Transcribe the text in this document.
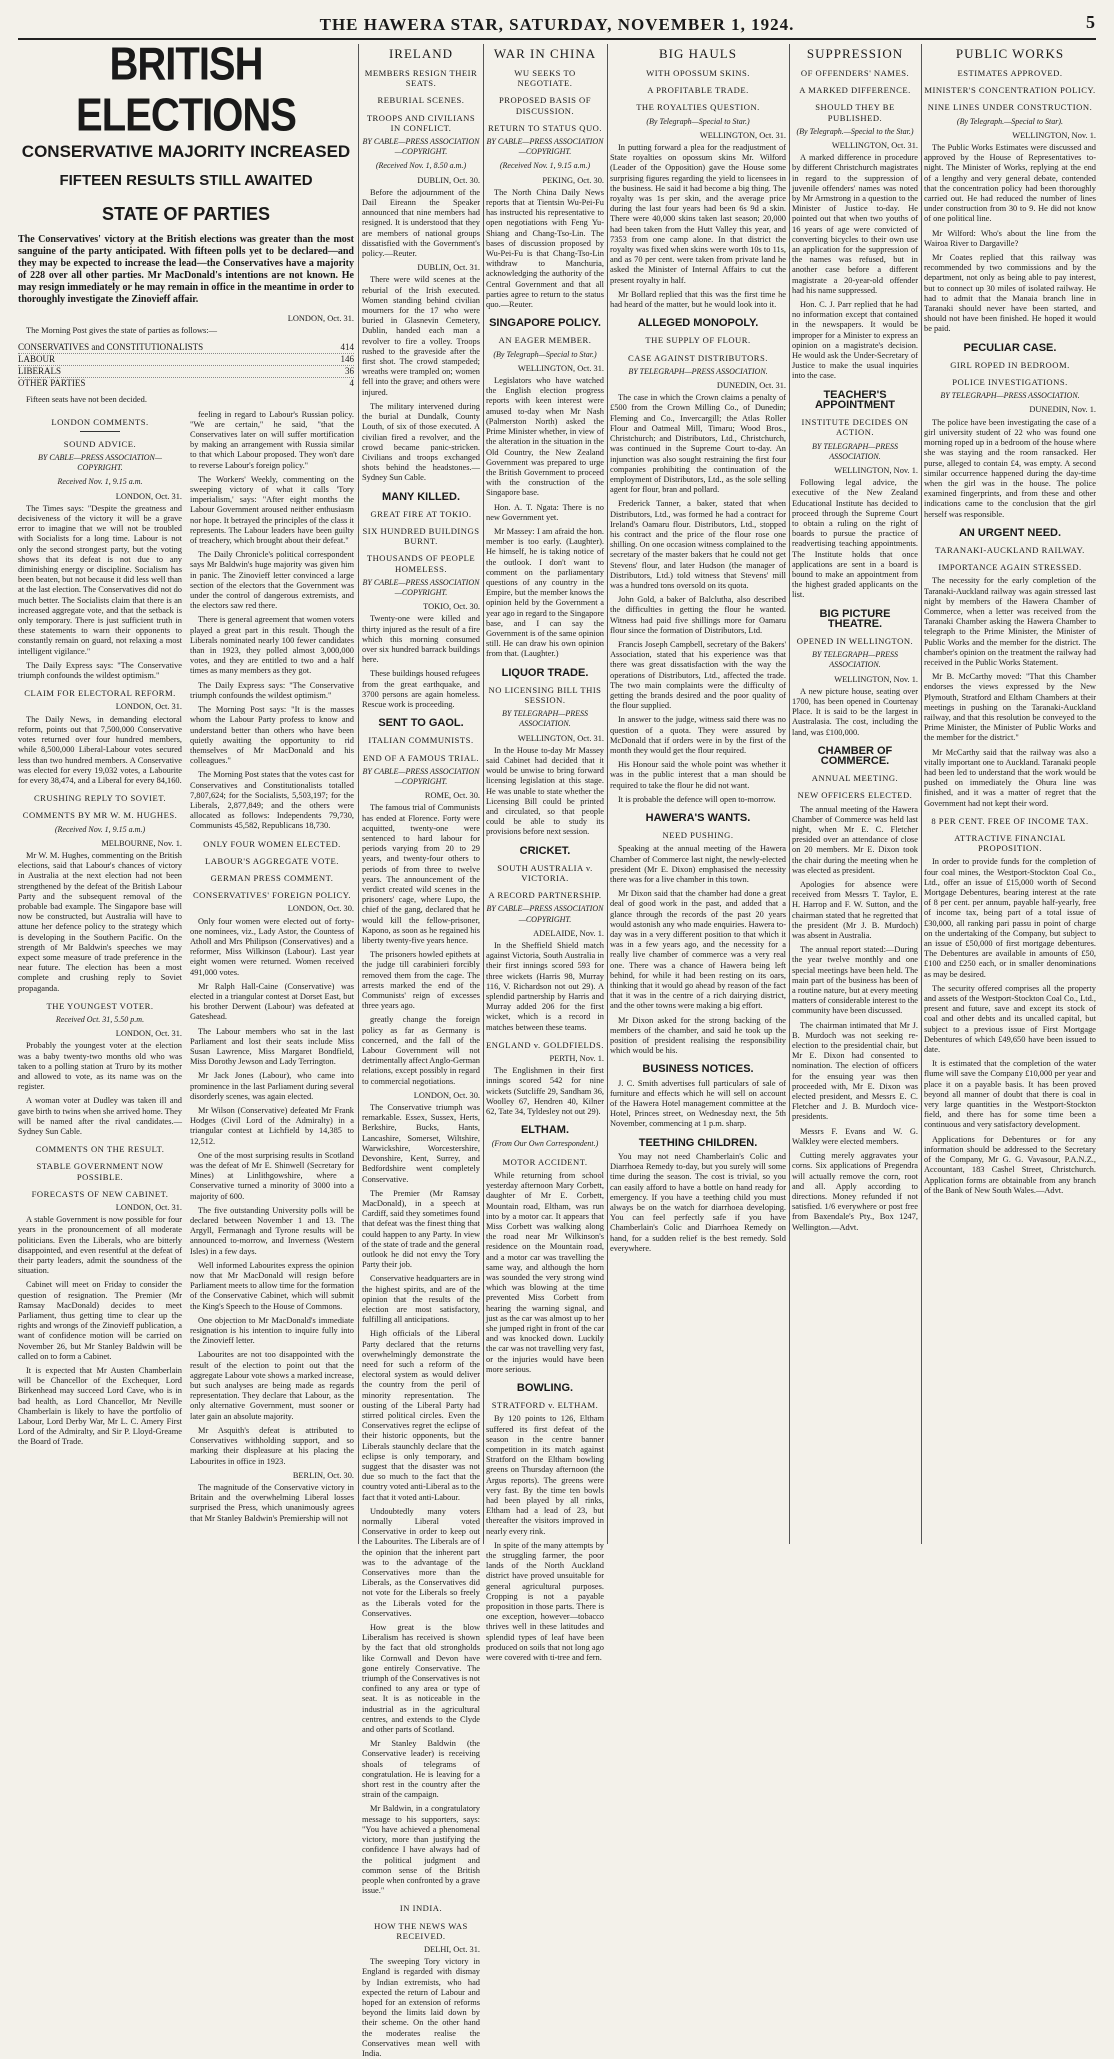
THE HAWERA STAR, SATURDAY, NOVEMBER 1, 1924.	5
BRITISH ELECTIONS
CONSERVATIVE MAJORITY INCREASED
FIFTEEN RESULTS STILL AWAITED
STATE OF PARTIES
The Conservatives' victory at the British elections was greater than the most sanguine of the party anticipated. With fifteen polls yet to be declared—and they may be expected to increase the lead—the Conservatives have a majority of 228 over all other parties. Mr MacDonald's intentions are not known. He may resign immediately or he may remain in office in the meantime in order to thoroughly investigate the Zinovieff affair.
LONDON, Oct. 31.

The Morning Post gives the state of parties as follows:—

CONSERVATIVES and CONSTITUTIONALISTS	414
LABOUR	146
LIBERALS	36
OTHER PARTIES	4

Fifteen seats have not been decided.

LONDON COMMENTS.
SOUND ADVICE.
BY CABLE—PRESS ASSOCIATION—COPYRIGHT.
Received Nov. 1, 9.15 a.m.
LONDON, Oct. 31.

The Times says: "Despite the greatness and decisiveness of the victory it will be a grave error to imagine that we will not be troubled with Socialists for a long time. Labour is not only the second strongest party, but the voting shows that its defeat is not due to any diminishing energy or discipline. Socialism has been beaten, but not because it did less well than at the last election. The Conservatives did not do much better. The Socialists claim that there is an increased aggregate vote, and that the setback is only temporary. There is just sufficient truth in these statements to warn their opponents to constantly remain on guard, not relaxing a most intelligent vigilance."

The Daily Express says: "The Conservative triumph confounds the wildest optimism."

CLAIM FOR ELECTORAL REFORM.
LONDON, Oct. 31.

The Daily News, in demanding electoral reform, points out that 7,500,000 Conservative votes returned over four hundred members, while 8,500,000 Liberal-Labour votes secured less than two hundred members. A Conservative was elected for every 19,032 votes, a Labourite for every 38,474, and a Liberal for every 84,160.

CRUSHING REPLY TO SOVIET.
COMMENTS BY MR W. M. HUGHES.
(Received Nov. 1, 9.15 a.m.)
MELBOURNE, Nov. 1.

Mr W. M. Hughes, commenting on the British elections, said that Labour's chances of victory in Australia at the next election had not been strengthened by the defeat of the British Labour Party and the subsequent removal of the probable bad example. The Singapore base will now be constructed, but Australia will have to attune her defence policy to the strategy which is developing in the Southern Pacific. On the strength of Mr Baldwin's speeches we may expect some measure of trade preference in the near future. The election has been a most complete and crushing reply to Soviet propaganda.

THE YOUNGEST VOTER.
Received Oct. 31, 5.50 p.m.
LONDON, Oct. 31.

Probably the youngest voter at the election was a baby twenty-two months old who was taken to a polling station at Truro by its mother and allowed to vote, as its name was on the register.

A woman voter at Dudley was taken ill and gave birth to twins when she arrived home. They will be named after the rival candidates.—Sydney Sun Cable.

COMMENTS ON THE RESULT.
STABLE GOVERNMENT NOW POSSIBLE.
FORECASTS OF NEW CABINET.
LONDON, Oct. 31.

A stable Government is now possible for four years in the pronouncement of all moderate politicians. Even the Liberals, who are bitterly disappointed, and even resentful at the defeat of their party leaders, admit the soundness of the situation.

Cabinet will meet on Friday to consider the question of resignation. The Premier (Mr Ramsay MacDonald) decides to meet Parliament, thus getting time to clear up the rights and wrongs of the Zinovieff publication, a want of confidence motion will be carried on November 26, but Mr Stanley Baldwin will be called on to form a Cabinet.

It is expected that Mr Austen Chamberlain will be Chancellor of the Exchequer, Lord Birkenhead may succeed Lord Cave, who is in bad health, as Lord Chancellor, Mr Neville Chamberlain is likely to have the portfolio of Labour, Lord Derby War, Mr L. C. Amery First Lord of the Admiralty, and Sir P. Lloyd-Greame the Board of Trade.

feeling in regard to Labour's Russian policy. "We are certain," he said, "that the Conservatives later on will suffer mortification by making an arrangement with Russia similar to that which Labour proposed. They won't dare to reverse Labour's foreign policy."

The Workers' Weekly, commenting on the sweeping victory of what it calls 'Tory imperialism,' says: "After eight months the Labour Government aroused neither enthusiasm nor hope. It betrayed the principles of the class it represents. The Labour leaders have been guilty of treachery, which brought about their defeat."

The Daily Chronicle's political correspondent says Mr Baldwin's huge majority was given him in panic. The Zinovieff letter convinced a large section of the electors that the Government was under the control of dangerous extremists, and the electors saw red there.

There is general agreement that women voters played a great part in this result. Though the Liberals nominated nearly 100 fewer candidates than in 1923, they polled almost 3,000,000 votes, and they are entitled to two and a half times as many members as they got.

The Daily Express says: "The Conservative triumph confounds the wildest optimism."

The Morning Post says: "It is the masses whom the Labour Party profess to know and understand better than others who have been quietly awaiting the opportunity to rid themselves of Mr MacDonald and his colleagues."

The Morning Post states that the votes cast for Conservatives and Constitutionalists totalled 7,807,624; for the Socialists, 5,503,197; for the Liberals, 2,877,849; and the others were allocated as follows: Independents 79,730, Communists 45,582, Republicans 18,730.

ONLY FOUR WOMEN ELECTED.
LABOUR'S AGGREGATE VOTE.
GERMAN PRESS COMMENT.
CONSERVATIVES' FOREIGN POLICY.
LONDON, Oct. 30.

Only four women were elected out of forty-one nominees, viz., Lady Astor, the Countess of Atholl and Mrs Philipson (Conservatives) and a reformer, Miss Wilkinson (Labour). Last year eight women were returned. Women received 491,000 votes.

Mr Ralph Hall-Caine (Conservative) was elected in a triangular contest at Dorset East, but his brother Derwent (Labour) was defeated at Gateshead.

The Labour members who sat in the last Parliament and lost their seats include Miss Susan Lawrence, Miss Margaret Bondfield, Miss Dorothy Jewson and Lady Terrington.

Mr Jack Jones (Labour), who came into prominence in the last Parliament during several disorderly scenes, was again elected.

Mr Wilson (Conservative) defeated Mr Frank Hodges (Civil Lord of the Admiralty) in a triangular contest at Lichfield by 14,385 to 12,512.

One of the most surprising results in Scotland was the defeat of Mr E. Shinwell (Secretary for Mines) at Linlithgowshire, where a Conservative turned a minority of 3000 into a majority of 600.

The five outstanding University polls will be declared between November 1 and 13. The Argyll, Fermanagh and Tyrone results will be announced to-morrow, and Inverness (Western Isles) in a few days.

Well informed Labourites express the opinion now that Mr MacDonald will resign before Parliament meets to allow time for the formation of the Conservative Cabinet, which will submit the King's Speech to the House of Commons.

One objection to Mr MacDonald's immediate resignation is his intention to inquire fully into the Zinovieff letter.

Labourites are not too disappointed with the result of the election to point out that the aggregate Labour vote shows a marked increase, but such analyses are being made as regards representation. They declare that Labour, as the only alternative Government, must sooner or later gain an absolute majority.

Mr Asquith's defeat is attributed to Conservatives withholding support, and so marking their displeasure at his placing the Labourites in office in 1923.

BERLIN, Oct. 30.

The magnitude of the Conservative victory in Britain and the overwhelming Liberal losses surprised the Press, which unanimously agrees that Mr Stanley Baldwin's Premiership will not

IRELAND
MEMBERS RESIGN THEIR SEATS.
REBURIAL SCENES.
TROOPS AND CIVILIANS IN CONFLICT.
BY CABLE—PRESS ASSOCIATION—COPYRIGHT.
(Received Nov. 1, 8.50 a.m.)
DUBLIN, Oct. 30.

Before the adjournment of the Dail Eireann the Speaker announced that nine members had resigned. It is understood that they are members of national groups dissatisfied with the Government's policy.—Reuter.

DUBLIN, Oct. 31.

There were wild scenes at the reburial of the Irish executed. Women standing behind civilian mourners for the 17 who were buried in Glasnevin Cemetery, Dublin, handed each man a revolver to fire a volley. Troops rushed to the graveside after the first shot. The crowd stampeded; wreaths were trampled on; women fell into the grave; and others were injured.

The military intervened during the burial at Dundalk, County Louth, of six of those executed. A civilian fired a revolver, and the crowd became panic-stricken. Civilians and troops exchanged shots behind the headstones.—Sydney Sun Cable.

MANY KILLED.
GREAT FIRE AT TOKIO.
SIX HUNDRED BUILDINGS BURNT.
THOUSANDS OF PEOPLE HOMELESS.
BY CABLE—PRESS ASSOCIATION—COPYRIGHT.
TOKIO, Oct. 30.

Twenty-one were killed and thirty injured as the result of a fire which this morning consumed over six hundred barrack buildings here.

These buildings housed refugees from the great earthquake, and 3700 persons are again homeless. Rescue work is proceeding.

SENT TO GAOL.
ITALIAN COMMUNISTS.
END OF A FAMOUS TRIAL.
BY CABLE—PRESS ASSOCIATION—COPYRIGHT.
ROME, Oct. 30.

The famous trial of Communists has ended at Florence. Forty were acquitted, twenty-one were sentenced to hard labour for periods varying from 20 to 29 years, and twenty-four others to periods of from three to twelve years. The announcement of the verdict created wild scenes in the prisoners' cage, where Lupo, the chief of the gang, declared that he would kill the fellow-prisoner, Kapono, as soon as he regained his liberty twenty-five years hence.

The prisoners howled epithets at the judge till carabinieri forcibly removed them from the cage. The arrests marked the end of the Communists' reign of excesses three years ago.

greatly change the foreign policy as far as Germany is concerned, and the fall of the Labour Government will not detrimentally affect Anglo-German relations, except possibly in regard to commercial negotiations.

LONDON, Oct. 30.

The Conservative triumph was remarkable. Essex, Sussex, Herts, Berkshire, Bucks, Hants, Lancashire, Somerset, Wiltshire, Warwickshire, Worcestershire, Devonshire, Kent, Surrey, and Bedfordshire went completely Conservative.

The Premier (Mr Ramsay MacDonald), in a speech at Cardiff, said they sometimes found that defeat was the finest thing that could happen to any Party. In view of the state of trade and the general outlook he did not envy the Tory Party their job.

Conservative headquarters are in the highest spirits, and are of the opinion that the results of the election are most satisfactory, fulfilling all anticipations.

High officials of the Liberal Party declared that the returns overwhelmingly demonstrate the need for such a reform of the electoral system as would deliver the country from the peril of minority representation. The ousting of the Liberal Party had stirred political circles. Even the Conservatives regret the eclipse of their historic opponents, but the Liberals staunchly declare that the eclipse is only temporary, and suggest that the disaster was not due so much to the fact that the country voted anti-Liberal as to the fact that it voted anti-Labour.

Undoubtedly many voters normally Liberal voted Conservative in order to keep out the Labourites. The Liberals are of the opinion that the inherent part was to the advantage of the Conservatives more than the Liberals, as the Conservatives did not vote for the Liberals so freely as the Liberals voted for the Conservatives.

How great is the blow Liberalism has received is shown by the fact that old strongholds like Cornwall and Devon have gone entirely Conservative. The triumph of the Conservatives is not confined to any area or type of seat. It is as noticeable in the industrial as in the agricultural centres, and extends to the Clyde and other parts of Scotland.

Mr Stanley Baldwin (the Conservative leader) is receiving shoals of telegrams of congratulation. He is leaving for a short rest in the country after the strain of the campaign.

Mr Baldwin, in a congratulatory message to his supporters, says: "You have achieved a phenomenal victory, more than justifying the confidence I have always had of the political judgment and common sense of the British people when confronted by a grave issue."

IN INDIA.
HOW THE NEWS WAS RECEIVED.
DELHI, Oct. 31.

The sweeping Tory victory in England is regarded with dismay by Indian extremists, who had expected the return of Labour and hoped for an extension of reforms beyond the limits laid down by their scheme. On the other hand the moderates realise the Conservatives mean well with India.

WAR IN CHINA
WU SEEKS TO NEGOTIATE.
PROPOSED BASIS OF DISCUSSION.
RETURN TO STATUS QUO.
BY CABLE—PRESS ASSOCIATION—COPYRIGHT.
(Received Nov. 1, 9.15 a.m.)
PEKING, Oct. 30.

The North China Daily News reports that at Tientsin Wu-Pei-Fu has instructed his representative to open negotiations with Feng Yu-Shiang and Chang-Tso-Lin. The bases of discussion proposed by Wu-Pei-Fu is that Chang-Tso-Lin withdraw to Manchuria, acknowledging the authority of the Central Government and that all parties agree to return to the status quo.—Reuter.

SINGAPORE POLICY.
AN EAGER MEMBER.
(By Telegraph—Special to Star.)
WELLINGTON, Oct. 31.

Legislators who have watched the English election progress reports with keen interest were amused to-day when Mr Nash (Palmerston North) asked the Prime Minister whether, in view of the alteration in the situation in the Old Country, the New Zealand Government was prepared to urge the British Government to proceed with the construction of the Singapore base.

Hon. A. T. Ngata: There is no new Government yet.

Mr Massey: I am afraid the hon. member is too early. (Laughter). He himself, he is taking notice of the outlook. I don't want to comment on the parliamentary questions of any country in the Empire, but the member knows the opinion held by the Government a year ago in regard to the Singapore base, and I can say the Government is of the same opinion still. He can draw his own opinion from that. (Laughter.)

LIQUOR TRADE.
NO LICENSING BILL THIS SESSION.
BY TELEGRAPH—PRESS ASSOCIATION.
WELLINGTON, Oct. 31.

In the House to-day Mr Massey said Cabinet had decided that it would be unwise to bring forward licensing legislation at this stage. He was unable to state whether the Licensing Bill could be printed and circulated, so that people could be able to study its provisions before next session.

CRICKET.
SOUTH AUSTRALIA v. VICTORIA.
A RECORD PARTNERSHIP.
BY CABLE—PRESS ASSOCIATION—COPYRIGHT.
ADELAIDE, Nov. 1.

In the Sheffield Shield match against Victoria, South Australia in their first innings scored 593 for three wickets (Harris 98, Murray 116, V. Richardson not out 29). A splendid partnership by Harris and Murray added 206 for the first wicket, which is a record in matches between these teams.

ENGLAND v. GOLDFIELDS.
PERTH, Nov. 1.

The Englishmen in their first innings scored 542 for nine wickets (Sutcliffe 29, Sandham 36, Woolley 67, Hendren 40, Kilner 62, Tate 34, Tyldesley not out 29).

ELTHAM.
(From Our Own Correspondent.)
MOTOR ACCIDENT.

While returning from school yesterday afternoon Mary Corbett, daughter of Mr E. Corbett, Mountain road, Eltham, was run into by a motor car. It appears that Miss Corbett was walking along the road near Mr Wilkinson's residence on the Mountain road, and a motor car was travelling the same way, and although the horn was sounded the very strong wind which was blowing at the time prevented Miss Corbett from hearing the warning signal, and just as the car was almost up to her she jumped right in front of the car and was knocked down. Luckily the car was not travelling very fast, or the injuries would have been more serious.

BOWLING.
STRATFORD v. ELTHAM.

By 120 points to 126, Eltham suffered its first defeat of the season in the centre banner competition in its match against Stratford on the Eltham bowling greens on Thursday afternoon (the Argus reports). The greens were very fast. By the time ten bowls had been played by all rinks, Eltham had a lead of 23, but thereafter the visitors improved in nearly every rink.

In spite of the many attempts by the struggling farmer, the poor lands of the North Auckland district have proved unsuitable for general agricultural purposes. Cropping is not a payable proposition in those parts. There is one exception, however—tobacco thrives well in these latitudes and splendid types of leaf have been produced on soils that not long ago were covered with ti-tree and fern.

BIG HAULS
WITH OPOSSUM SKINS.
A PROFITABLE TRADE.
THE ROYALTIES QUESTION.
(By Telegraph—Special to Star.)
WELLINGTON, Oct. 31.

In putting forward a plea for the readjustment of State royalties on opossum skins Mr. Wilford (Leader of the Opposition) gave the House some surprising figures regarding the yield to licensees in the business. He said it had become a big thing. The royalty was 1s per skin, and the average price during the last four years had been 6s 9d a skin. There were 40,000 skins taken last season; 20,000 had been taken from the Hutt Valley this year, and 7353 from one camp alone. In that district the royalty was fixed when skins were worth 10s to 11s, and as 70 per cent. were taken from private land he asked the Minister of Internal Affairs to cut the present royalty in half.

Mr Bollard replied that this was the first time he had heard of the matter, but he would look into it.

ALLEGED MONOPOLY.
THE SUPPLY OF FLOUR.
CASE AGAINST DISTRIBUTORS.
BY TELEGRAPH—PRESS ASSOCIATION.
DUNEDIN, Oct. 31.

The case in which the Crown claims a penalty of £500 from the Crown Milling Co., of Dunedin; Fleming and Co., Invercargill; the Atlas Roller Flour and Oatmeal Mill, Timaru; Wood Bros., Christchurch; and Distributors, Ltd., Christchurch, was continued in the Supreme Court to-day. An injunction was also sought restraining the first four companies prohibiting the continuation of the employment of Distributors, Ltd., as the sole selling agent for flour, bran and pollard.

Frederick Tanner, a baker, stated that when Distributors, Ltd., was formed he had a contract for Ireland's Oamaru flour. Distributors, Ltd., stopped his contract and the price of the flour rose one shilling. On one occasion witness complained to the secretary of the master bakers that he could not get Stevens' flour, and later Hudson (the manager of Distributors, Ltd.) told witness that Stevens' mill was a hundred tons oversold on its quota.

John Gold, a baker of Balclutha, also described the difficulties in getting the flour he wanted. Witness had paid five shillings more for Oamaru flour since the formation of Distributors, Ltd.

Francis Joseph Campbell, secretary of the Bakers' Association, stated that his experience was that there was great dissatisfaction with the way the operations of Distributors, Ltd., affected the trade. The two main complaints were the difficulty of getting the brands desired and the poor quality of the flour supplied.

In answer to the judge, witness said there was no question of a quota. They were assured by McDonald that if orders were in by the first of the month they would get the flour required.

His Honour said the whole point was whether it was in the public interest that a man should be required to take the flour he did not want.

It is probable the defence will open to-morrow.

HAWERA'S WANTS.
NEED PUSHING.

Speaking at the annual meeting of the Hawera Chamber of Commerce last night, the newly-elected president (Mr E. Dixon) emphasised the necessity there was for a live chamber in this town.

Mr Dixon said that the chamber had done a great deal of good work in the past, and added that a glance through the records of the past 20 years would astonish any who made enquiries. Hawera to-day was in a very different position to that which it was in a few years ago, and the necessity for a really live chamber of commerce was a very real one. There was a chance of Hawera being left behind, for while it had been resting on its oars, thinking that it would go ahead by reason of the fact that it was in the centre of a rich dairying district, and the other towns were making a big effort.

Mr Dixon asked for the strong backing of the members of the chamber, and said he took up the position of president realising the responsibility which would be his.

BUSINESS NOTICES.

J. C. Smith advertises full particulars of sale of furniture and effects which he will sell on account of the Hawera Hotel management committee at the Hotel, Princes street, on Wednesday next, the 5th November, commencing at 1 p.m. sharp.

TEETHING CHILDREN.

You may not need Chamberlain's Colic and Diarrhoea Remedy to-day, but you surely will some time during the season. The cost is trivial, so you can easily afford to have a bottle on hand ready for emergency. If you have a teething child you must always be on the watch for diarrhoea developing. You can feel perfectly safe if you have Chamberlain's Colic and Diarrhoea Remedy on hand, for a sudden relief is the best remedy. Sold everywhere.

SUPPRESSION
OF OFFENDERS' NAMES.
A MARKED DIFFERENCE.
SHOULD THEY BE PUBLISHED.
(By Telegraph.—Special to the Star.)
WELLINGTON, Oct. 31.

A marked difference in procedure by different Christchurch magistrates in regard to the suppression of juvenile offenders' names was noted by Mr Armstrong in a question to the Minister of Justice to-day. He pointed out that when two youths of 16 years of age were convicted of converting bicycles to their own use an application for the suppression of the names was refused, but in another case before a different magistrate a 20-year-old offender had his name suppressed.

Hon. C. J. Parr replied that he had no information except that contained in the newspapers. It would be improper for a Minister to express an opinion on a magistrate's decision. He would ask the Under-Secretary of Justice to make the usual inquiries into the case.

TEACHER'S APPOINTMENT
INSTITUTE DECIDES ON ACTION.
BY TELEGRAPH—PRESS ASSOCIATION.
WELLINGTON, Nov. 1.

Following legal advice, the executive of the New Zealand Educational Institute has decided to proceed through the Supreme Court to obtain a ruling on the right of boards to pursue the practice of readvertising teaching appointments. The Institute holds that once applications are sent in a board is bound to make an appointment from the highest graded applicants on the list.

BIG PICTURE THEATRE.
OPENED IN WELLINGTON.
BY TELEGRAPH—PRESS ASSOCIATION.
WELLINGTON, Nov. 1.

A new picture house, seating over 1700, has been opened in Courtenay Place. It is said to be the largest in Australasia. The cost, including the land, was £100,000.

CHAMBER OF COMMERCE.
ANNUAL MEETING.
NEW OFFICERS ELECTED.

The annual meeting of the Hawera Chamber of Commerce was held last night, when Mr E. C. Fletcher presided over an attendance of close on 20 members. Mr E. Dixon took the chair during the meeting when he was elected as president.

Apologies for absence were received from Messrs T. Taylor, E. H. Harrop and F. W. Sutton, and the chairman stated that he regretted that the president (Mr J. B. Murdoch) was absent in Australia.

The annual report stated:—During the year twelve monthly and one special meetings have been held. The main part of the business has been of a routine nature, but at every meeting matters of considerable interest to the community have been discussed.

The chairman intimated that Mr J. B. Murdoch was not seeking re-election to the presidential chair, but Mr E. Dixon had consented to nomination. The election of officers for the ensuing year was then proceeded with, Mr E. Dixon was elected president, and Messrs E. C. Fletcher and J. B. Murdoch vice-presidents.

Messrs F. Evans and W. G. Walkley were elected members.

Cutting merely aggravates your corns. Six applications of Pregendra will actually remove the corn, root and all. Apply according to directions. Money refunded if not satisfied. 1/6 everywhere or post free from Baxendale's Pty., Box 1247, Wellington.—Advt.

PUBLIC WORKS
ESTIMATES APPROVED.
MINISTER'S CONCENTRATION POLICY.
NINE LINES UNDER CONSTRUCTION.
(By Telegraph.—Special to Star).
WELLINGTON, Nov. 1.

The Public Works Estimates were discussed and approved by the House of Representatives to-night. The Minister of Works, replying at the end of a lengthy and very general debate, contended that the concentration policy had been thoroughly carried out. He had reduced the number of lines under construction from 30 to 9. He did not know of one political line.

Mr Wilford: Who's about the line from the Wairoa River to Dargaville?

Mr Coates replied that this railway was recommended by two commissions and by the department, not only as being able to pay interest, but to connect up 30 miles of isolated railway. He had to admit that the Manaia branch line in Taranaki should never have been started, and should not have been finished. He hoped it would be paid.

PECULIAR CASE.
GIRL ROPED IN BEDROOM.
POLICE INVESTIGATIONS.
BY TELEGRAPH—PRESS ASSOCIATION.
DUNEDIN, Nov. 1.

The police have been investigating the case of a girl university student of 22 who was found one morning roped up in a bedroom of the house where she was staying and the room ransacked. Her purse, alleged to contain £4, was empty. A second similar occurrence happened during the day-time when the girl was in the house. The police examined fingerprints, and from these and other indications came to the conclusion that the girl herself was responsible.

AN URGENT NEED.
TARANAKI-AUCKLAND RAILWAY.
IMPORTANCE AGAIN STRESSED.

The necessity for the early completion of the Taranaki-Auckland railway was again stressed last night by members of the Hawera Chamber of Commerce, when a letter was received from the Taranaki Chamber asking the Hawera Chamber to telegraph to the Prime Minister, the Minister of Public Works and the member for the district. The chamber's opinion on the treatment the railway had received in the Public Works Statement.

Mr B. McCarthy moved: "That this Chamber endorses the views expressed by the New Plymouth, Stratford and Eltham Chambers at their meetings in pushing on the Taranaki-Auckland railway, and that this resolution be conveyed to the Prime Minister, the Minister of Public Works and the member for the district."

Mr McCarthy said that the railway was also a vitally important one to Auckland. Taranaki people had been led to understand that the work would be pushed on immediately the Ohura line was finished, and it was a matter of regret that the Government had not kept their word.

8 PER CENT. FREE OF INCOME TAX.
ATTRACTIVE FINANCIAL PROPOSITION.

In order to provide funds for the completion of four coal mines, the Westport-Stockton Coal Co., Ltd., offer an issue of £15,000 worth of Second Mortgage Debentures, bearing interest at the rate of 8 per cent. per annum, payable half-yearly, free of income tax, being part of a total issue of £30,000, all ranking pari passu in point of charge on the undertaking of the Company, but subject to an issue of £50,000 of first mortgage debentures. The Debentures are available in amounts of £50, £100 and £250 each, or in smaller denominations as may be desired.

The security offered comprises all the property and assets of the Westport-Stockton Coal Co., Ltd., present and future, save and except its stock of coal and other debts and its uncalled capital, but subject to a previous issue of First Mortgage Debentures of which £49,650 have been issued to date.

It is estimated that the completion of the water flume will save the Company £10,000 per year and place it on a payable basis. It has been proved beyond all manner of doubt that there is coal in very large quantities in the Westport-Stockton field, and there has for some time been a continuous and very satisfactory development.

Applications for Debentures or for any information should be addressed to the Secretary of the Company, Mr G. G. Vavasour, P.A.N.Z., Accountant, 183 Cashel Street, Christchurch. Application forms are obtainable from any branch of the Bank of New South Wales.—Advt.
